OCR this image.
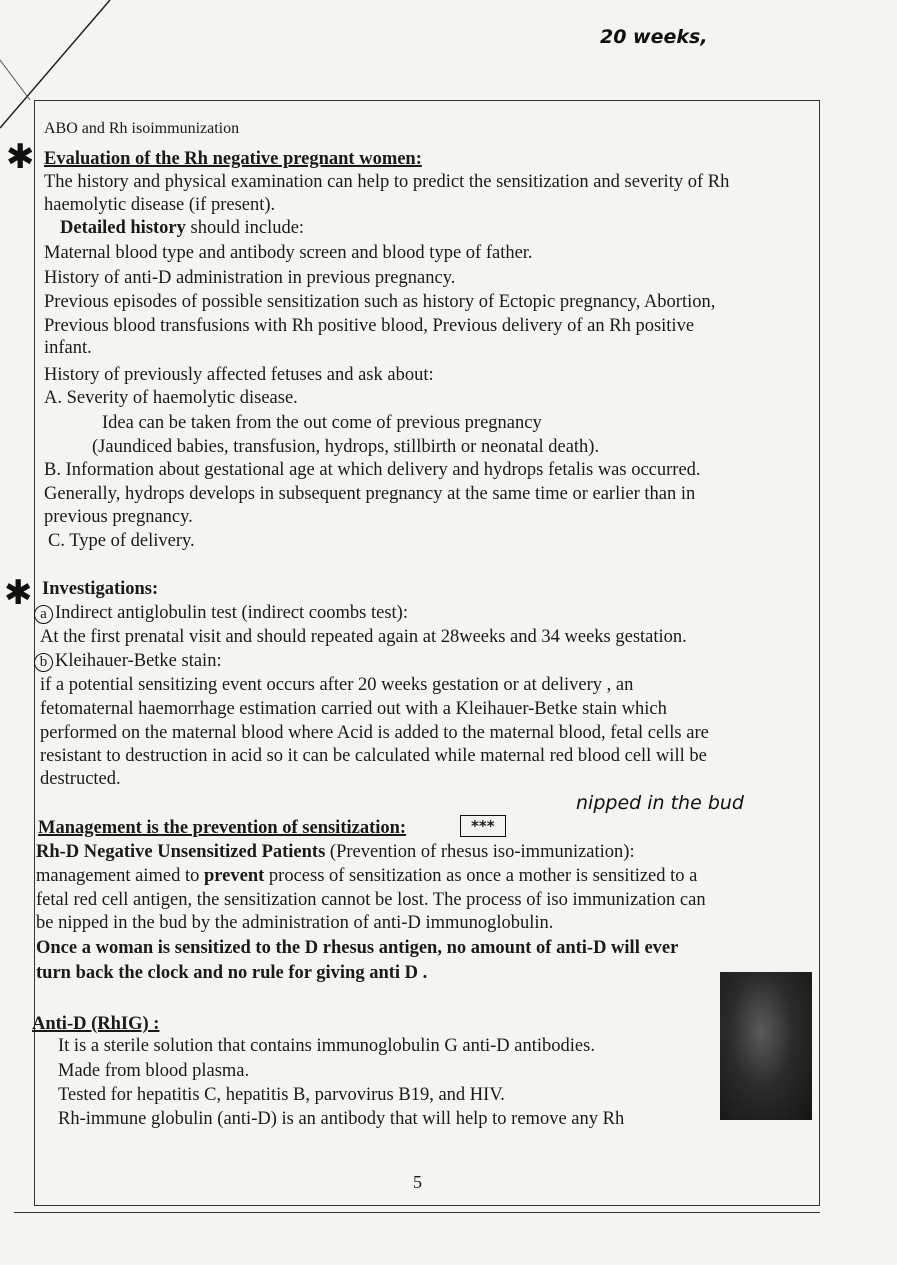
20 weeks,
ABO and Rh isoimmunization
✱ Evaluation of the Rh negative pregnant women:
The history and physical examination can help to predict the sensitization and severity of Rh
haemolytic disease (if present).
Detailed history should include:
Maternal blood type and antibody screen and blood type of father.
History of anti-D administration in previous pregnancy.
Previous episodes of possible sensitization such as history of Ectopic pregnancy, Abortion,
Previous blood transfusions with Rh positive blood, Previous delivery of an Rh positive
infant.
History of previously affected fetuses and ask about:
A. Severity of haemolytic disease.
Idea can be taken from the out come of previous pregnancy
(Jaundiced babies, transfusion, hydrops, stillbirth or neonatal death).
B. Information about gestational age at which delivery and hydrops fetalis was occurred.
Generally, hydrops develops in subsequent pregnancy at the same time or earlier than in
previous pregnancy.
C. Type of delivery.
✱ Investigations:
a Indirect antiglobulin test (indirect coombs test):
At the first prenatal visit and should repeated again at 28weeks and 34 weeks gestation.
b Kleihauer-Betke stain:
if a potential sensitizing event occurs after 20 weeks gestation or at delivery , an
fetomaternal haemorrhage estimation carried out with a Kleihauer-Betke stain which
performed on the maternal blood where Acid is added to the maternal blood, fetal cells are
resistant to destruction in acid so it can be calculated while maternal red blood cell will be
destructed.
nipped in the bud
Management is the prevention of sensitization:	***
Rh-D Negative Unsensitized Patients (Prevention of rhesus iso-immunization):
management aimed to prevent process of sensitization as once a mother is sensitized to a
fetal red cell antigen, the sensitization cannot be lost. The process of iso immunization can
be nipped in the bud by the administration of anti-D immunoglobulin.
Once a woman is sensitized to the D rhesus antigen, no amount of anti-D will ever
turn back the clock and no rule for giving anti D .
Anti-D (RhIG) :
It is a sterile solution that contains immunoglobulin G anti-D antibodies.
Made from blood plasma.
Tested for hepatitis C, hepatitis B, parvovirus B19, and HIV.
Rh-immune globulin (anti-D) is an antibody that will help to remove any Rh
5
